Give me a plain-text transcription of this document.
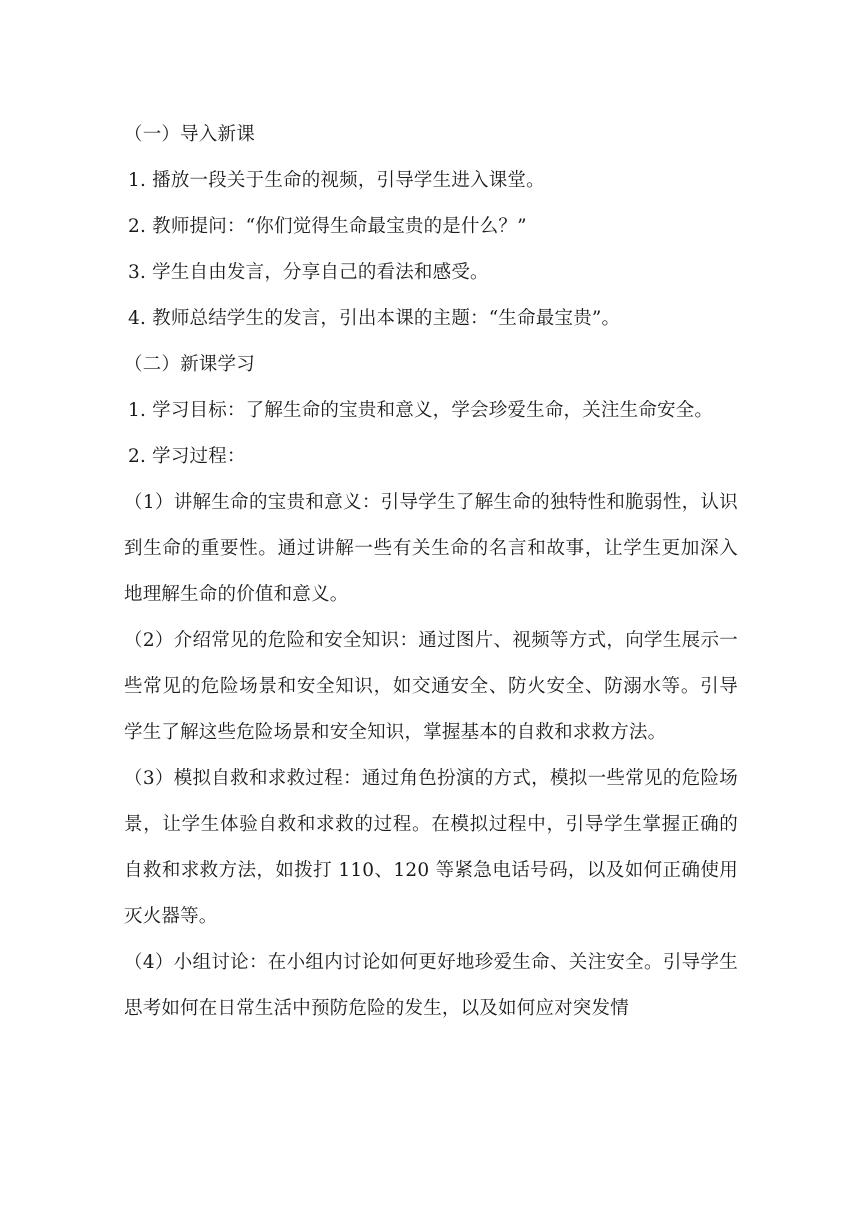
（一）导入新课

1. 播放一段关于生命的视频，引导学生进入课堂。

2. 教师提问：“你们觉得生命最宝贵的是什么？”

3. 学生自由发言，分享自己的看法和感受。

4. 教师总结学生的发言，引出本课的主题：“生命最宝贵”。

（二）新课学习

1. 学习目标：了解生命的宝贵和意义，学会珍爱生命，关注生命安全。

2. 学习过程：

（1）讲解生命的宝贵和意义：引导学生了解生命的独特性和脆弱性，认识到生命的重要性。通过讲解一些有关生命的名言和故事，让学生更加深入地理解生命的价值和意义。

（2）介绍常见的危险和安全知识：通过图片、视频等方式，向学生展示一些常见的危险场景和安全知识，如交通安全、防火安全、防溺水等。引导学生了解这些危险场景和安全知识，掌握基本的自救和求救方法。

（3）模拟自救和求救过程：通过角色扮演的方式，模拟一些常见的危险场景，让学生体验自救和求救的过程。在模拟过程中，引导学生掌握正确的自救和求救方法，如拨打 110、120 等紧急电话号码，以及如何正确使用灭火器等。

（4）小组讨论：在小组内讨论如何更好地珍爱生命、关注安全。引导学生思考如何在日常生活中预防危险的发生，以及如何应对突发情
